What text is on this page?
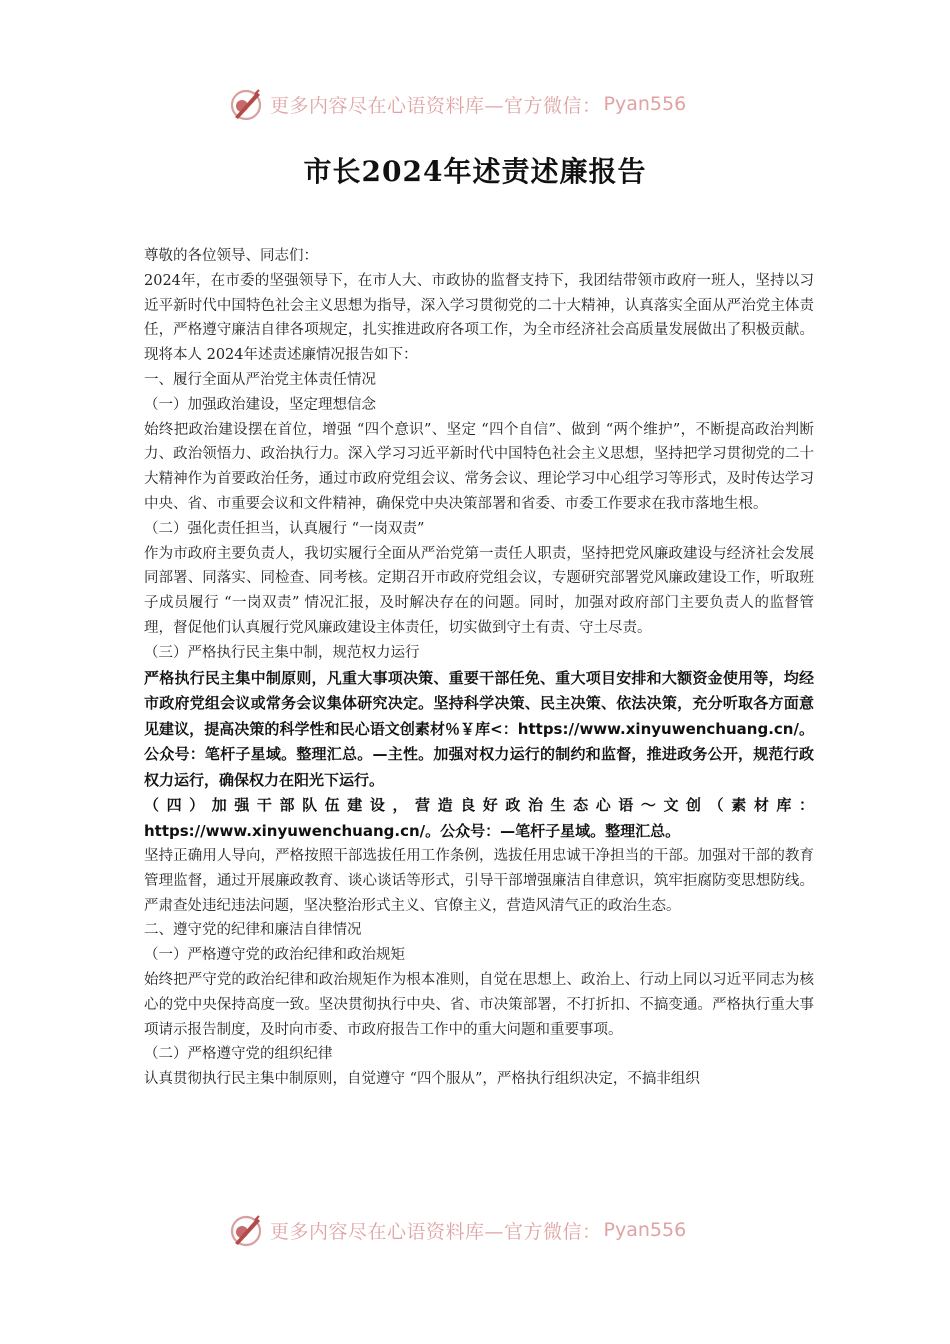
更多内容尽在心语资料库—官方微信： Pyan556
市长2024年述责述廉报告

尊敬的各位领导、同志们：

2024年，在市委的坚强领导下，在市人大、市政协的监督支持下，我团结带领市政府一班人，坚持以习近平新时代中国特色社会主义思想为指导，深入学习贯彻党的二十大精神，认真落实全面从严治党主体责任，严格遵守廉洁自律各项规定，扎实推进政府各项工作，为全市经济社会高质量发展做出了积极贡献。现将本人 2024年述责述廉情况报告如下：

一、履行全面从严治党主体责任情况

（一）加强政治建设，坚定理想信念

始终把政治建设摆在首位，增强 “四个意识”、坚定 “四个自信”、做到 “两个维护”，不断提高政治判断力、政治领悟力、政治执行力。深入学习习近平新时代中国特色社会主义思想，坚持把学习贯彻党的二十大精神作为首要政治任务，通过市政府党组会议、常务会议、理论学习中心组学习等形式，及时传达学习中央、省、市重要会议和文件精神，确保党中央决策部署和省委、市委工作要求在我市落地生根。

（二）强化责任担当，认真履行 “一岗双责”

作为市政府主要负责人，我切实履行全面从严治党第一责任人职责，坚持把党风廉政建设与经济社会发展同部署、同落实、同检查、同考核。定期召开市政府党组会议，专题研究部署党风廉政建设工作，听取班子成员履行 “一岗双责” 情况汇报，及时解决存在的问题。同时，加强对政府部门主要负责人的监督管理，督促他们认真履行党风廉政建设主体责任，切实做到守土有责、守土尽责。

（三）严格执行民主集中制，规范权力运行

严格执行民主集中制原则，凡重大事项决策、重要干部任免、重大项目安排和大额资金使用等，均经市政府党组会议或常务会议集体研究决定。坚持科学决策、民主决策、依法决策，充分听取各方面意见建议，提高决策的科学性和民心语文创素材％￥库<：https://www.xinyuwenchuang.cn/。公众号：笔杆子星域。整理汇总。—主性。加强对权力运行的制约和监督，推进政务公开，规范行政权力运行，确保权力在阳光下运行。

（四）加强干部队伍建设，营造良好政治生态心语～文创（素材库：https://www.xinyuwenchuang.cn/。公众号：—笔杆子星域。整理汇总。

坚持正确用人导向，严格按照干部选拔任用工作条例，选拔任用忠诚干净担当的干部。加强对干部的教育管理监督，通过开展廉政教育、谈心谈话等形式，引导干部增强廉洁自律意识，筑牢拒腐防变思想防线。严肃查处违纪违法问题，坚决整治形式主义、官僚主义，营造风清气正的政治生态。

二、遵守党的纪律和廉洁自律情况

（一）严格遵守党的政治纪律和政治规矩

始终把严守党的政治纪律和政治规矩作为根本准则，自觉在思想上、政治上、行动上同以习近平同志为核心的党中央保持高度一致。坚决贯彻执行中央、省、市决策部署，不打折扣、不搞变通。严格执行重大事项请示报告制度，及时向市委、市政府报告工作中的重大问题和重要事项。

（二）严格遵守党的组织纪律

认真贯彻执行民主集中制原则，自觉遵守 “四个服从”，严格执行组织决定，不搞非组织

更多内容尽在心语资料库—官方微信： Pyan556
